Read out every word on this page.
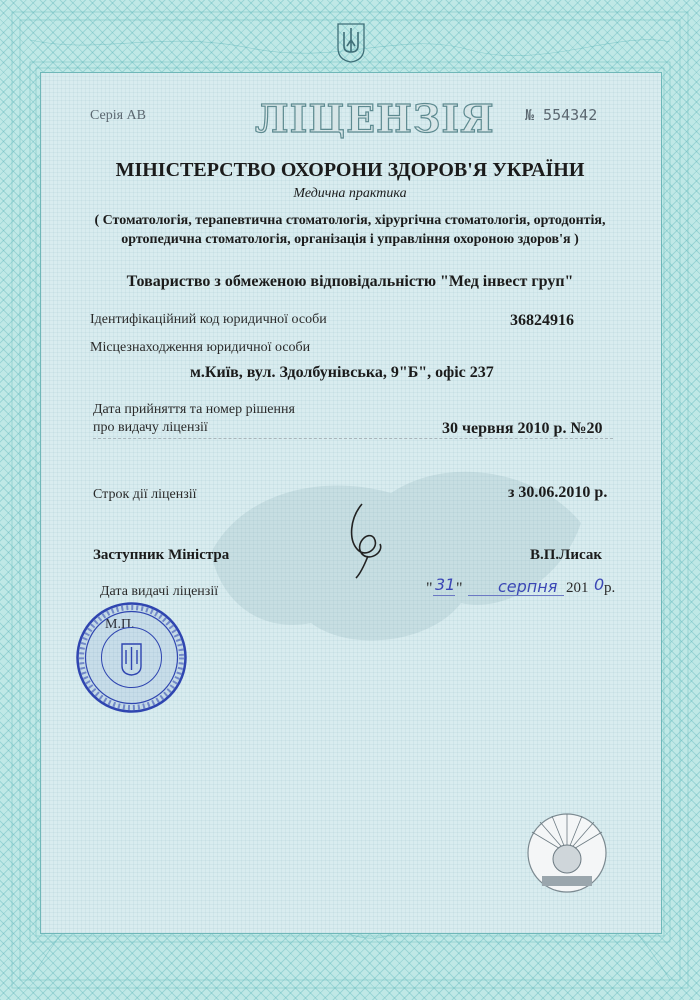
Серія АВ	ЛІЦЕНЗІЯ № 554342
МІНІСТЕРСТВО ОХОРОНИ ЗДОРОВ'Я УКРАЇНИ
Медична практика
( Стоматологія, терапевтична стоматологія, хірургічна стоматологія, ортодонтія, ортопедична стоматологія, організація і управління охороною здоров'я )
Товариство з обмеженою відповідальністю "Мед інвест груп"
Ідентифікаційний код юридичної особи	36824916
Місцезнаходження юридичної особи
м.Київ, вул. Здолбунівська, 9"Б", офіс 237
Дата прийняття та номер рішення
про видачу ліцензії	30 червня 2010 р. №20
Строк дії ліцензії	з 30.06.2010 р.
Заступник Міністра	В.П.Лисак
Дата видачі ліцензії	" 31 " серпня 201 0 р.
